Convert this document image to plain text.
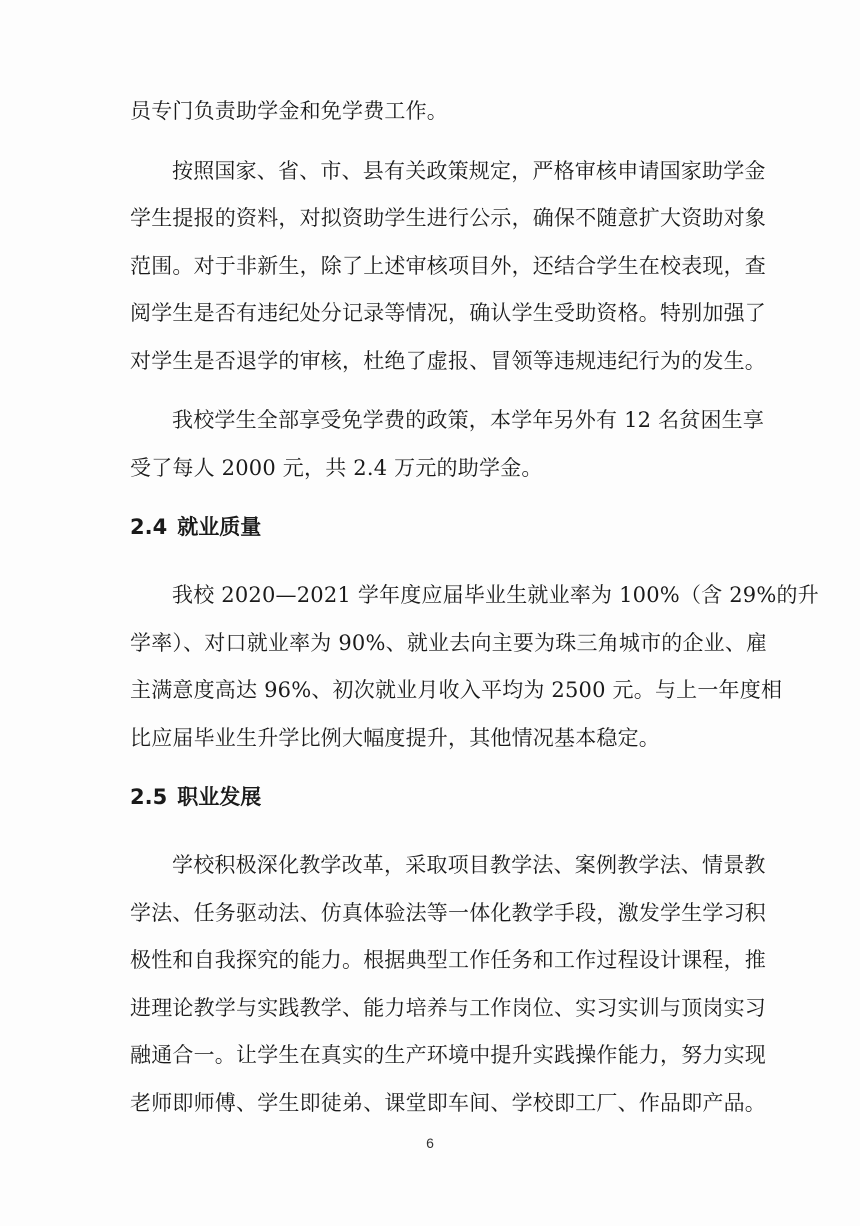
员专门负责助学金和免学费工作。

按照国家、省、市、县有关政策规定，严格审核申请国家助学金
学生提报的资料，对拟资助学生进行公示，确保不随意扩大资助对象
范围。对于非新生，除了上述审核项目外，还结合学生在校表现，查
阅学生是否有违纪处分记录等情况，确认学生受助资格。特别加强了
对学生是否退学的审核，杜绝了虚报、冒领等违规违纪行为的发生。

我校学生全部享受免学费的政策，本学年另外有 12 名贫困生享
受了每人 2000 元，共 2.4 万元的助学金。

2.4 就业质量

我校 2020—2021 学年度应届毕业生就业率为 100%（含 29%的升
学率）、对口就业率为 90%、就业去向主要为珠三角城市的企业、雇
主满意度高达 96%、初次就业月收入平均为 2500 元。与上一年度相
比应届毕业生升学比例大幅度提升，其他情况基本稳定。

2.5 职业发展

学校积极深化教学改革，采取项目教学法、案例教学法、情景教
学法、任务驱动法、仿真体验法等一体化教学手段，激发学生学习积
极性和自我探究的能力。根据典型工作任务和工作过程设计课程，推
进理论教学与实践教学、能力培养与工作岗位、实习实训与顶岗实习
融通合一。让学生在真实的生产环境中提升实践操作能力，努力实现
老师即师傅、学生即徒弟、课堂即车间、学校即工厂、作品即产品。

6
